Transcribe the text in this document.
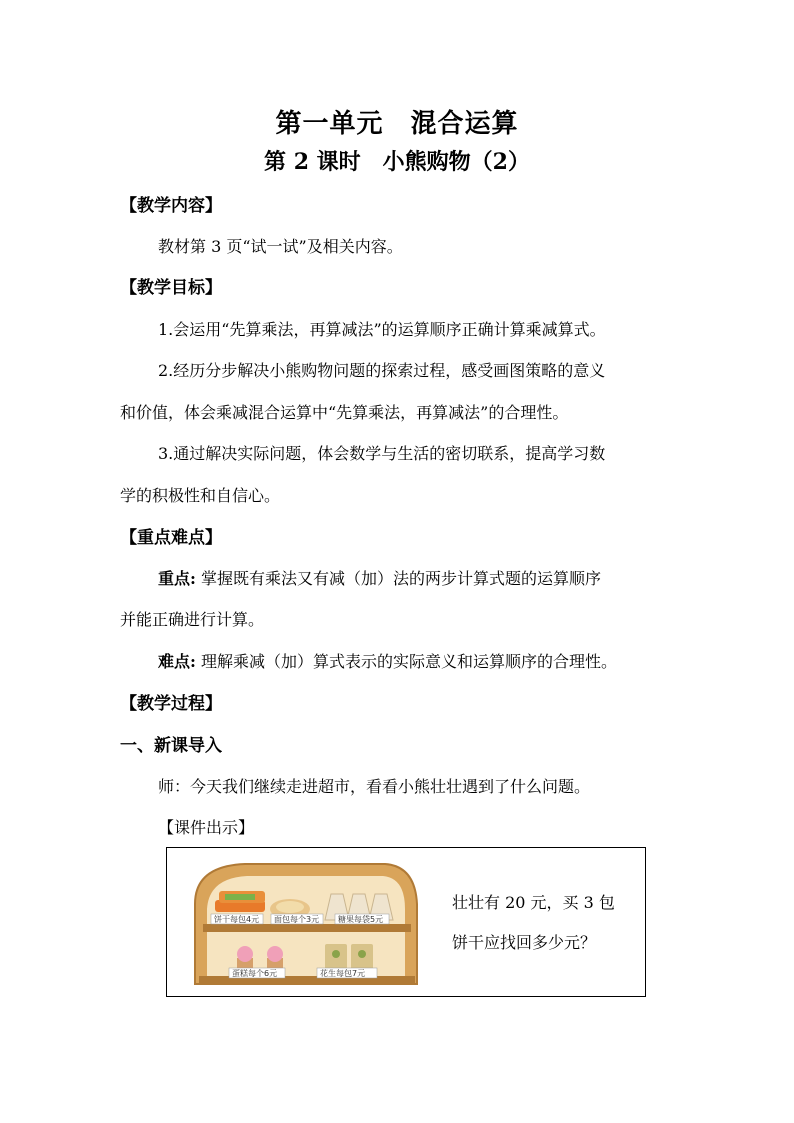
第一单元　混合运算
第 2 课时　小熊购物（2）
【教学内容】
教材第 3 页“试一试”及相关内容。
【教学目标】
1.会运用“先算乘法，再算减法”的运算顺序正确计算乘减算式。
2.经历分步解决小熊购物问题的探索过程，感受画图策略的意义
和价值，体会乘减混合运算中“先算乘法，再算减法”的合理性。
3.通过解决实际问题，体会数学与生活的密切联系，提高学习数
学的积极性和自信心。
【重点难点】
重点: 掌握既有乘法又有减（加）法的两步计算式题的运算顺序
并能正确进行计算。
难点: 理解乘减（加）算式表示的实际意义和运算顺序的合理性。
【教学过程】
一、新课导入
师：今天我们继续走进超市，看看小熊壮壮遇到了什么问题。
【课件出示】
饼干每包4元 面包每个3元 糖果每袋5元
蛋糕每个6元	花生每包7元
壮壮有 20 元，买 3 包
饼干应找回多少元？
